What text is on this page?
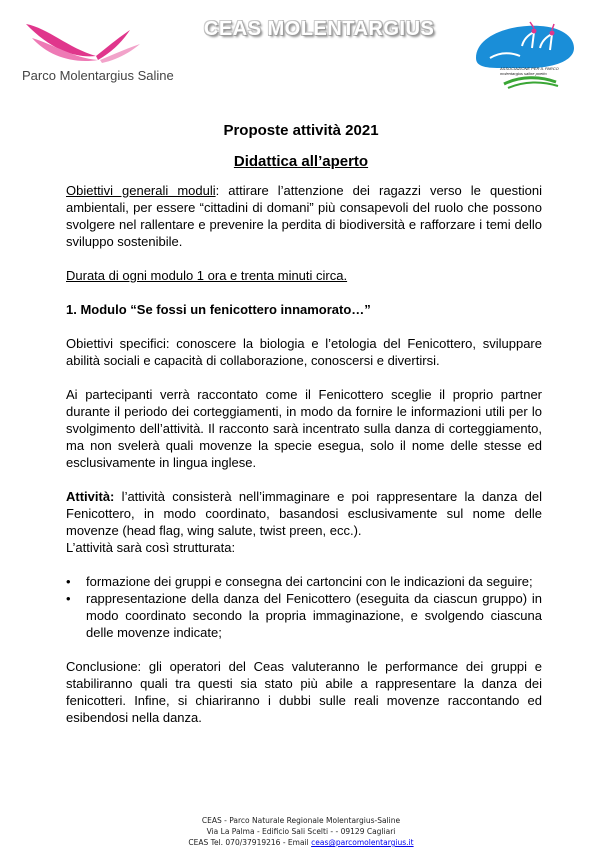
Parco Molentargius Saline
CEAS MOLENTARGIUS
ASSOCIAZIONE PER IL PARCO molentargius saline poetto
Proposte attività 2021
Didattica all’aperto

Obiettivi generali moduli: attirare l’attenzione dei ragazzi verso le questioni ambientali, per essere “cittadini di domani” più consapevoli del ruolo che possono svolgere nel rallentare e prevenire la perdita di biodiversità e rafforzare i temi dello sviluppo sostenibile.

Durata di ogni modulo 1 ora e trenta minuti circa.

1. Modulo “Se fossi un fenicottero innamorato…”

Obiettivi specifici: conoscere la biologia e l’etologia del Fenicottero, sviluppare abilità sociali e capacità di collaborazione, conoscersi e divertirsi.

Ai partecipanti verrà raccontato come il Fenicottero sceglie il proprio partner durante il periodo dei corteggiamenti, in modo da fornire le informazioni utili per lo svolgimento dell’attività. Il racconto sarà incentrato sulla danza di corteggiamento, ma non svelerà quali movenze la specie esegua, solo il nome delle stesse ed esclusivamente in lingua inglese.

Attività: l’attività consisterà nell’immaginare e poi rappresentare la danza del Fenicottero, in modo coordinato, basandosi esclusivamente sul nome delle movenze (head flag, wing salute, twist preen, ecc.).

L’attività sarà così strutturata:

• formazione dei gruppi e consegna dei cartoncini con le indicazioni da seguire;
• rappresentazione della danza del Fenicottero (eseguita da ciascun gruppo) in modo coordinato secondo la propria immaginazione, e svolgendo ciascuna delle movenze indicate;

Conclusione: gli operatori del Ceas valuteranno le performance dei gruppi e stabiliranno quali tra questi sia stato più abile a rappresentare la danza dei fenicotteri. Infine, si chiariranno i dubbi sulle reali movenze raccontando ed esibendosi nella danza.

CEAS - Parco Naturale Regionale Molentargius-Saline
Via La Palma - Edificio Sali Scelti - - 09129 Cagliari
CEAS Tel. 070/37919216 - Email ceas@parcomolentargius.it
